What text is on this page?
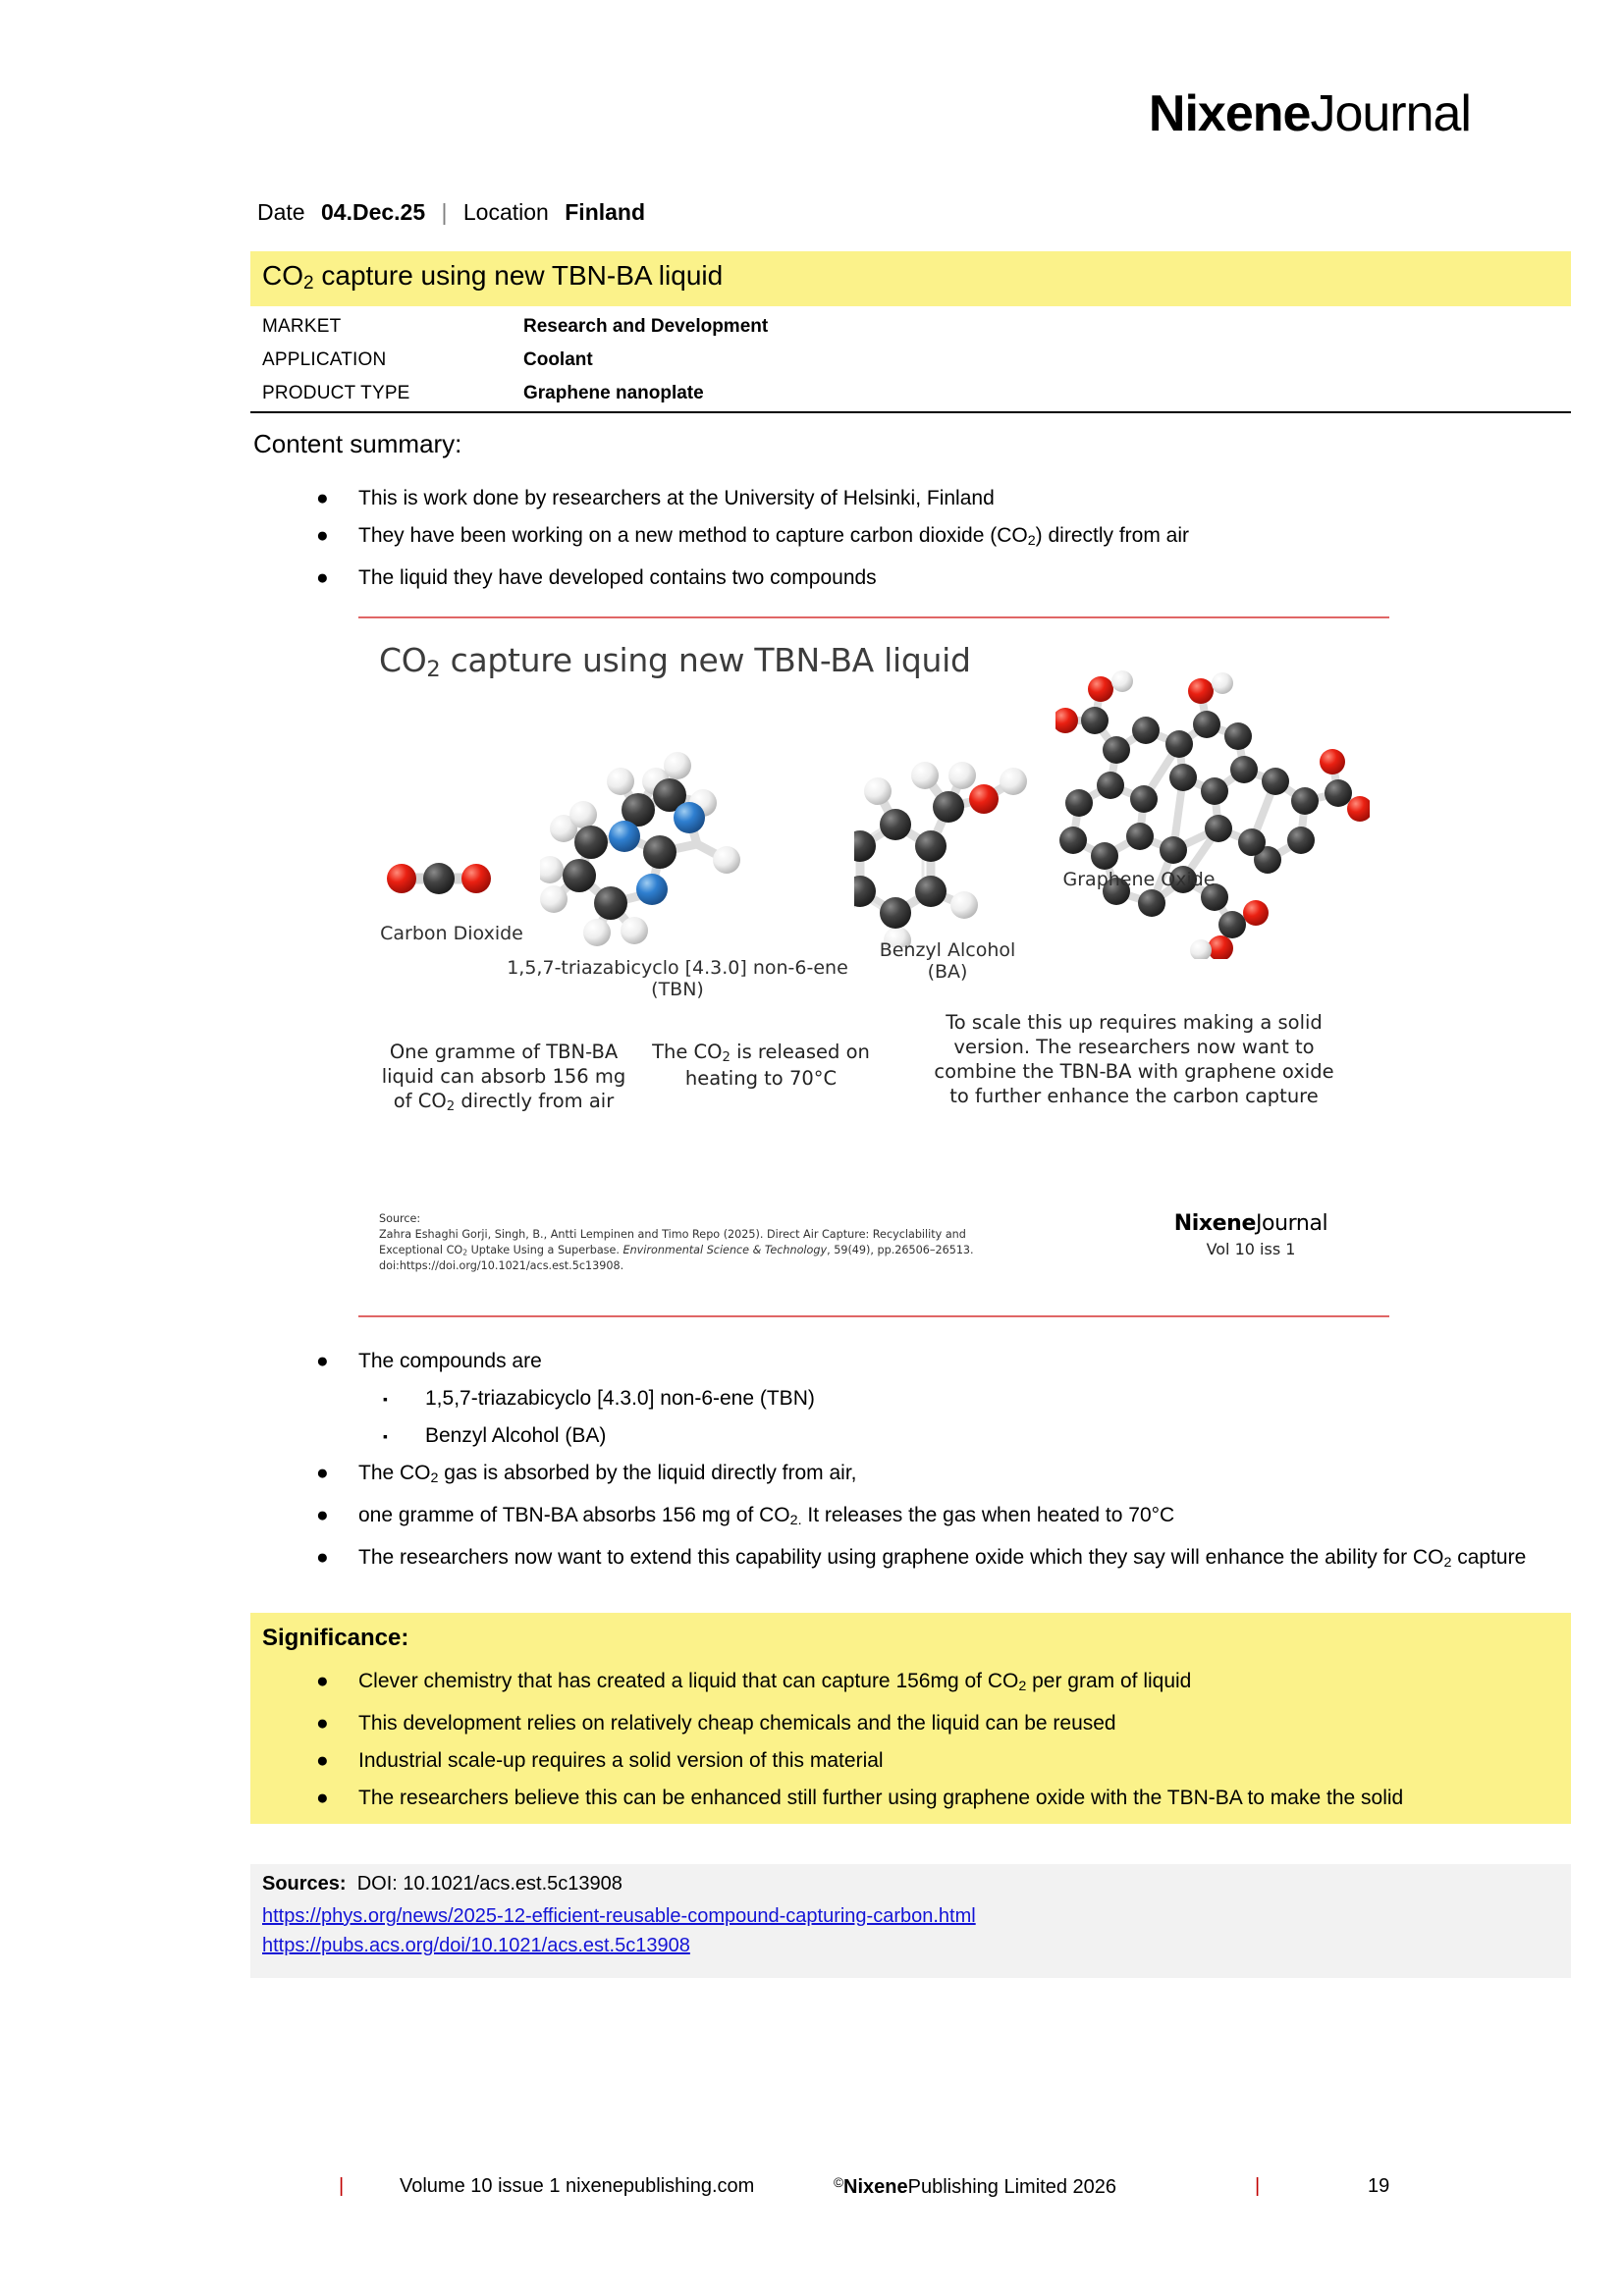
NixeneJournal
Date 04.Dec.25 | Location Finland
$CO_2$ capture using new TBN-BA liquid
MARKET	Research and Development
APPLICATION	Coolant
PRODUCT TYPE	Graphene nanoplate
Content summary:
● This is work done by researchers at the University of Helsinki, Finland
● They have been working on a new method to capture carbon dioxide $(CO_2)$ directly from air
● The liquid they have developed contains two compounds
$CO_2$ capture using new TBN-BA liquid
Carbon Dioxide
1,5,7-triazabicyclo [4.3.0] non-6-ene
(TBN)
Benzyl Alcohol
(BA)
Graphene Oxide
One gramme of TBN-BA
liquid can absorb 156 mg
of $CO_2$ directly from air
The $CO_2$ is released on
heating to 70°C
To scale this up requires making a solid
version. The researchers now want to
combine the TBN-BA with graphene oxide
to further enhance the carbon capture
Source:
Zahra Eshaghi Gorji, Singh, B., Antti Lempinen and Timo Repo (2025). Direct Air Capture: Recyclability and
Exceptional $CO_2$ Uptake Using a Superbase. Environmental Science & Technology, 59(49), pp.26506–26513.
doi:https://doi.org/10.1021/acs.est.5c13908.
NixeneJournal
Vol 10 iss 1
● The compounds are
▪ 1,5,7-triazabicyclo [4.3.0] non-6-ene (TBN)
▪ Benzyl Alcohol (BA)
● The $CO_2$ gas is absorbed by the liquid directly from air,
● one gramme of TBN-BA absorbs 156 mg of $CO_{2.}$ It releases the gas when heated to 70°C
● The researchers now want to extend this capability using graphene oxide which they say will enhance the ability for $CO_2$ capture
Significance:
● Clever chemistry that has created a liquid that can capture 156mg of $CO_2$ per gram of liquid
● This development relies on relatively cheap chemicals and the liquid can be reused
● Industrial scale-up requires a solid version of this material
● The researchers believe this can be enhanced still further using graphene oxide with the TBN-BA to make the solid
Sources: DOI: 10.1021/acs.est.5c13908
https://phys.org/news/2025-12-efficient-reusable-compound-capturing-carbon.html
https://pubs.acs.org/doi/10.1021/acs.est.5c13908
|	Volume 10 issue 1 nixenepublishing.com	©NixenePublishing Limited 2026	|	19
